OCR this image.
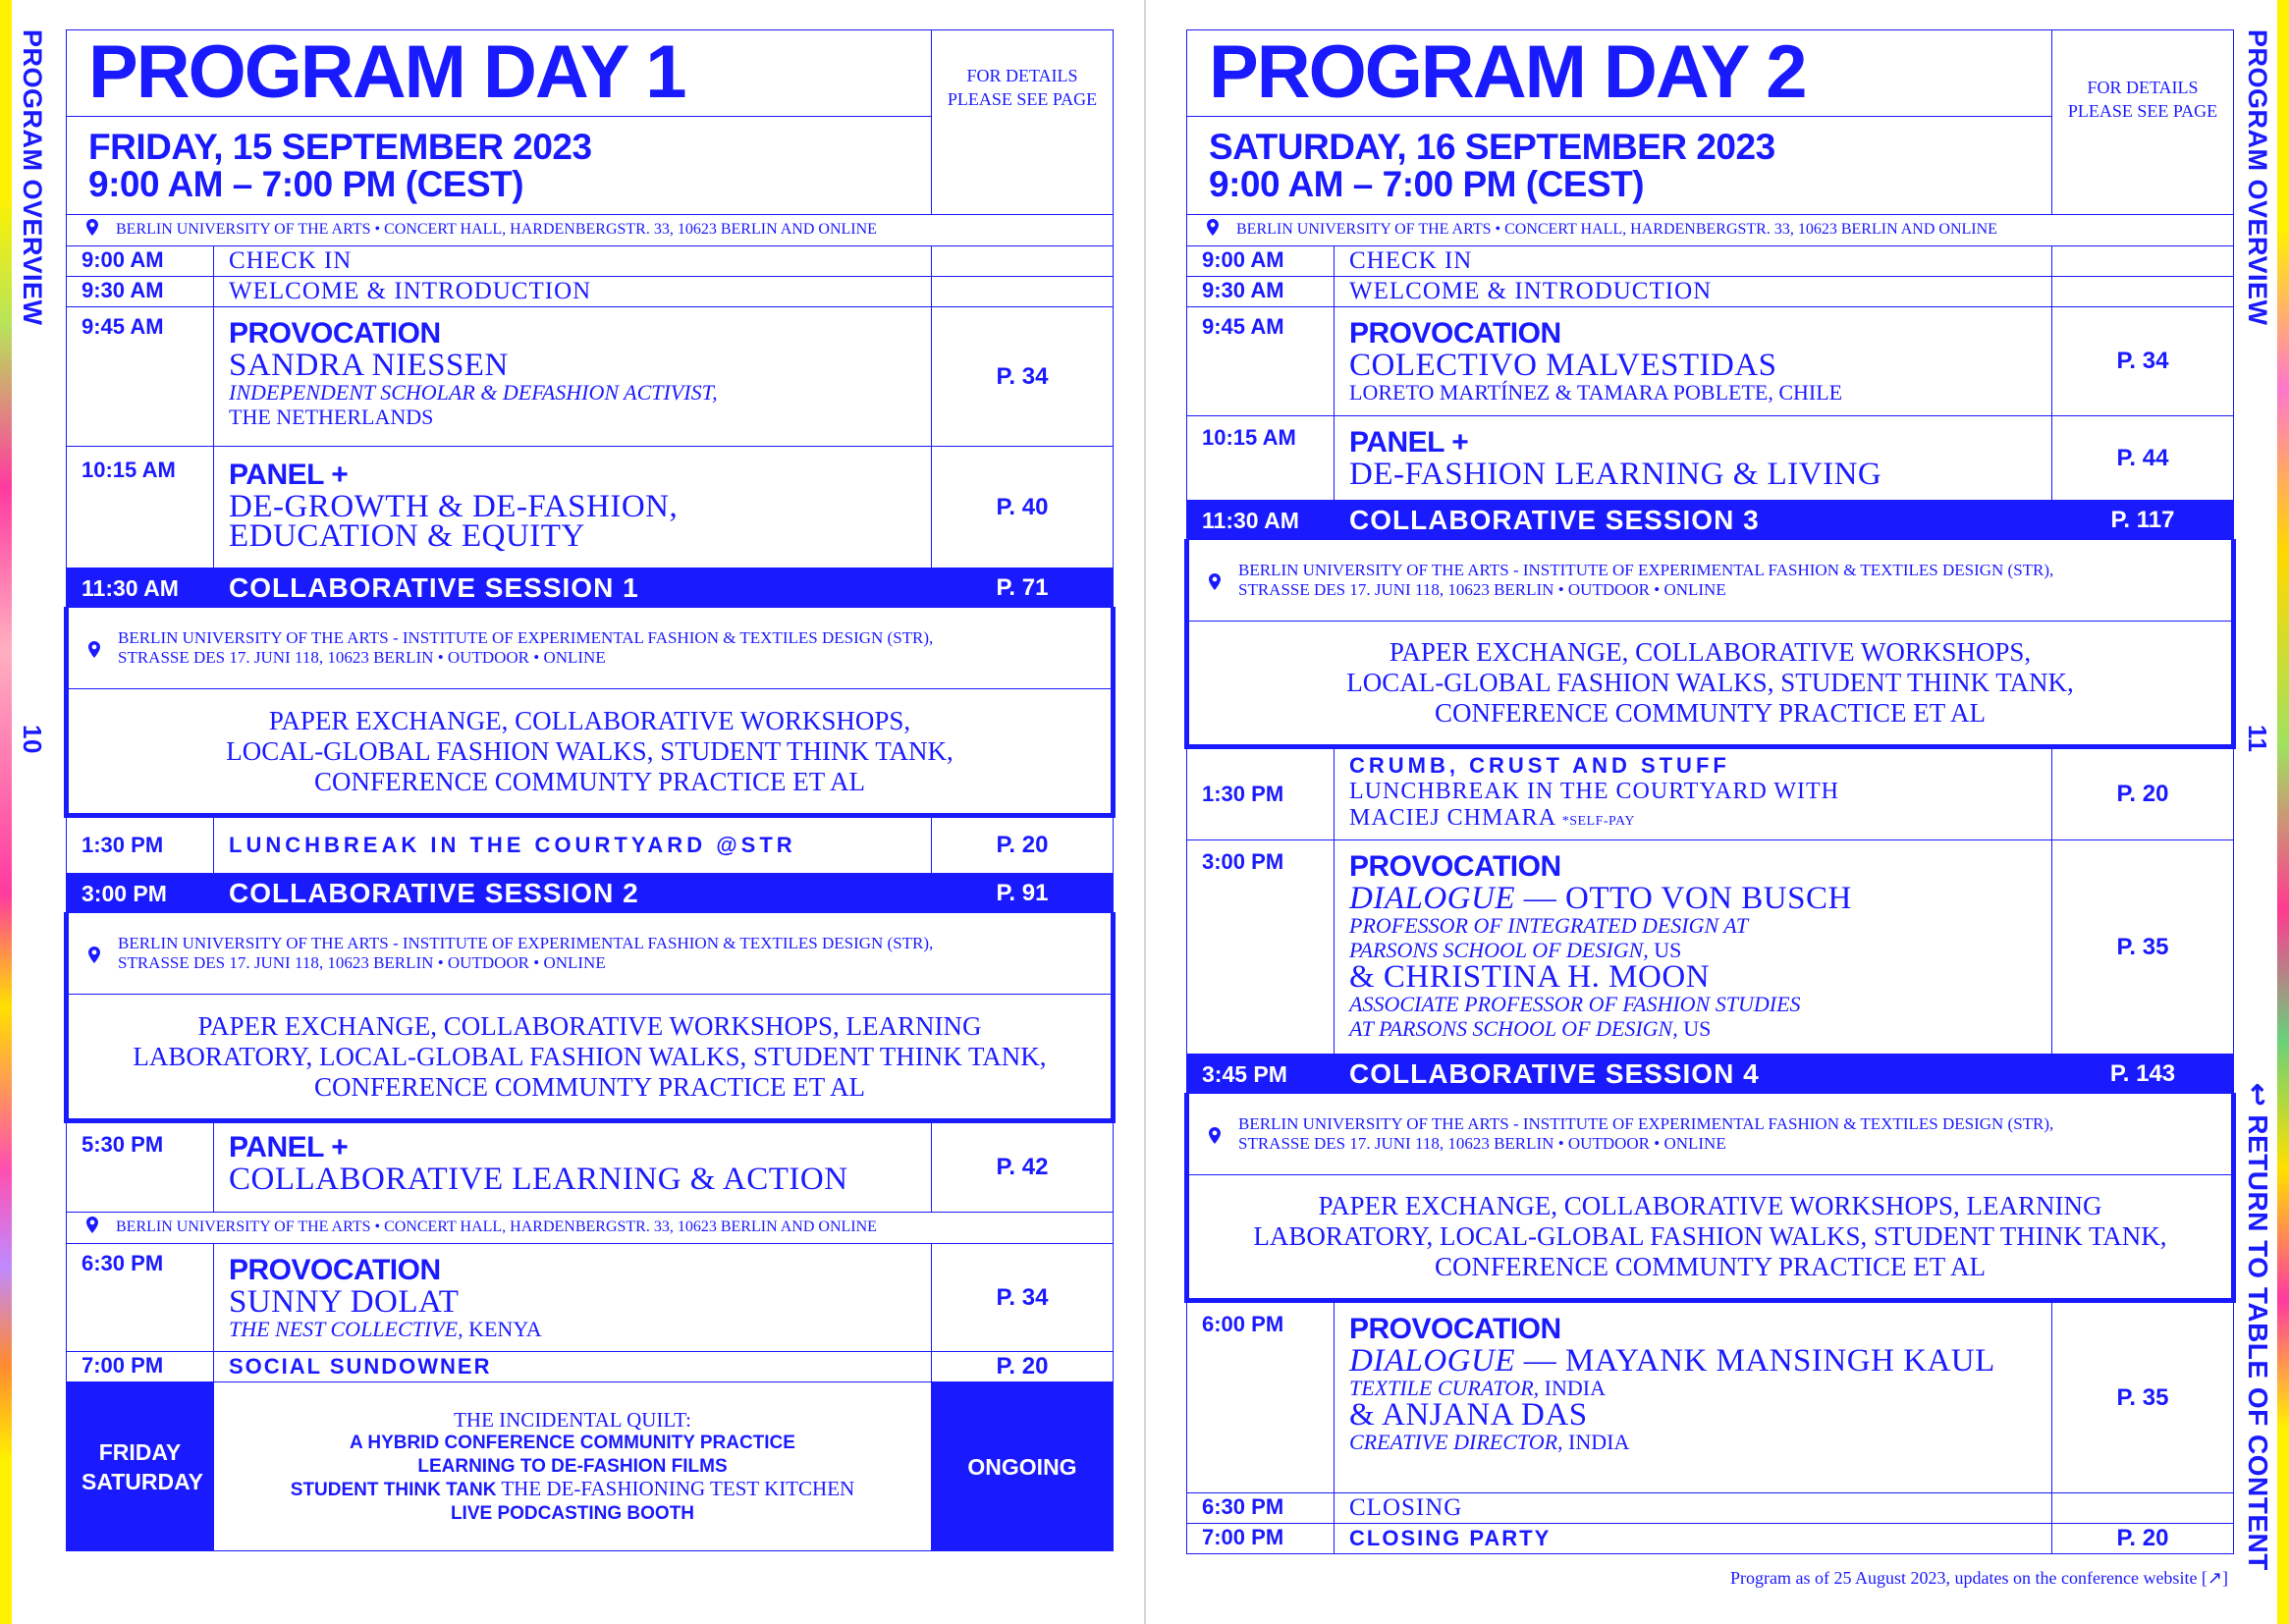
PROGRAM OVERVIEW
10
PROGRAM OVERVIEW
11
↩ RETURN TO TABLE OF CONTENT
PROGRAM DAY 1
FRIDAY, 15 SEPTEMBER 2023
9:00 AM – 7:00 PM (CEST)
	FOR DETAILS PLEASE SEE PAGE
BERLIN UNIVERSITY OF THE ARTS • CONCERT HALL, HARDENBERGSTR. 33, 10623 BERLIN AND ONLINE
9:00 AM	CHECK IN	
9:30 AM	WELCOME & INTRODUCTION	
9:45 AM	PROVOCATION
SANDRA NIESSEN
INDEPENDENT SCHOLAR & DEFASHION ACTIVIST,
THE NETHERLANDS
	P. 34
10:15 AM	PANEL +
DE-GROWTH & DE-FASHION,
EDUCATION & EQUITY
	P. 40
11:30 AM	COLLABORATIVE SESSION 1	P. 71

BERLIN UNIVERSITY OF THE ARTS - INSTITUTE OF EXPERIMENTAL FASHION & TEXTILES DESIGN (STR),
STRASSE DES 17. JUNI 118, 10623 BERLIN • OUTDOOR • ONLINE

PAPER EXCHANGE, COLLABORATIVE WORKSHOPS,
LOCAL-GLOBAL FASHION WALKS, STUDENT THINK TANK,
CONFERENCE COMMUNTY PRACTICE ET AL

1:30 PM	LUNCHBREAK IN THE COURTYARD @STR	P. 20
3:00 PM	COLLABORATIVE SESSION 2	P. 91

BERLIN UNIVERSITY OF THE ARTS - INSTITUTE OF EXPERIMENTAL FASHION & TEXTILES DESIGN (STR),
STRASSE DES 17. JUNI 118, 10623 BERLIN • OUTDOOR • ONLINE

PAPER EXCHANGE, COLLABORATIVE WORKSHOPS, LEARNING
LABORATORY, LOCAL-GLOBAL FASHION WALKS, STUDENT THINK TANK,
CONFERENCE COMMUNTY PRACTICE ET AL

5:30 PM	PANEL +
COLLABORATIVE LEARNING & ACTION	P. 42
BERLIN UNIVERSITY OF THE ARTS • CONCERT HALL, HARDENBERGSTR. 33, 10623 BERLIN AND ONLINE
6:30 PM	PROVOCATION
SUNNY DOLAT
THE NEST COLLECTIVE, KENYA
	P. 34
7:00 PM	SOCIAL SUNDOWNER	P. 20

FRIDAY
SATURDAY

THE INCIDENTAL QUILT:
A HYBRID CONFERENCE COMMUNITY PRACTICE
LEARNING TO DE-FASHION FILMS
STUDENT THINK TANK THE DE-FASHIONING TEST KITCHEN
LIVE PODCASTING BOOTH
	ONGOING
PROGRAM DAY 2
SATURDAY, 16 SEPTEMBER 2023
9:00 AM – 7:00 PM (CEST)
	FOR DETAILS PLEASE SEE PAGE
BERLIN UNIVERSITY OF THE ARTS • CONCERT HALL, HARDENBERGSTR. 33, 10623 BERLIN AND ONLINE
9:00 AM	CHECK IN	
9:30 AM	WELCOME & INTRODUCTION	
9:45 AM	PROVOCATION
COLECTIVO MALVESTIDAS
LORETO MARTÍNEZ & TAMARA POBLETE, CHILE
	P. 34
10:15 AM	PANEL +
DE-FASHION LEARNING & LIVING	P. 44
11:30 AM	COLLABORATIVE SESSION 3	P. 117

BERLIN UNIVERSITY OF THE ARTS - INSTITUTE OF EXPERIMENTAL FASHION & TEXTILES DESIGN (STR),
STRASSE DES 17. JUNI 118, 10623 BERLIN • OUTDOOR • ONLINE

PAPER EXCHANGE, COLLABORATIVE WORKSHOPS,
LOCAL-GLOBAL FASHION WALKS, STUDENT THINK TANK,
CONFERENCE COMMUNTY PRACTICE ET AL

1:30 PM	
CRUMB, CRUST AND STUFF
LUNCHBREAK IN THE COURTYARD WITH
MACIEJ CHMARA *SELF-PAY
	P. 20
3:00 PM	PROVOCATION
DIALOGUE — OTTO VON BUSCH
PROFESSOR OF INTEGRATED DESIGN AT
PARSONS SCHOOL OF DESIGN, US
& CHRISTINA H. MOON
ASSOCIATE PROFESSOR OF FASHION STUDIES
AT PARSONS SCHOOL OF DESIGN, US
	P. 35
3:45 PM	COLLABORATIVE SESSION 4	P. 143

BERLIN UNIVERSITY OF THE ARTS - INSTITUTE OF EXPERIMENTAL FASHION & TEXTILES DESIGN (STR),
STRASSE DES 17. JUNI 118, 10623 BERLIN • OUTDOOR • ONLINE

PAPER EXCHANGE, COLLABORATIVE WORKSHOPS, LEARNING
LABORATORY, LOCAL-GLOBAL FASHION WALKS, STUDENT THINK TANK,
CONFERENCE COMMUNTY PRACTICE ET AL

6:00 PM	PROVOCATION
DIALOGUE — MAYANK MANSINGH KAUL
TEXTILE CURATOR, INDIA
& ANJANA DAS
CREATIVE DIRECTOR, INDIA
	P. 35
6:30 PM	CLOSING	
7:00 PM	CLOSING PARTY	P. 20
Program as of 25 August 2023, updates on the conference website [↗]
